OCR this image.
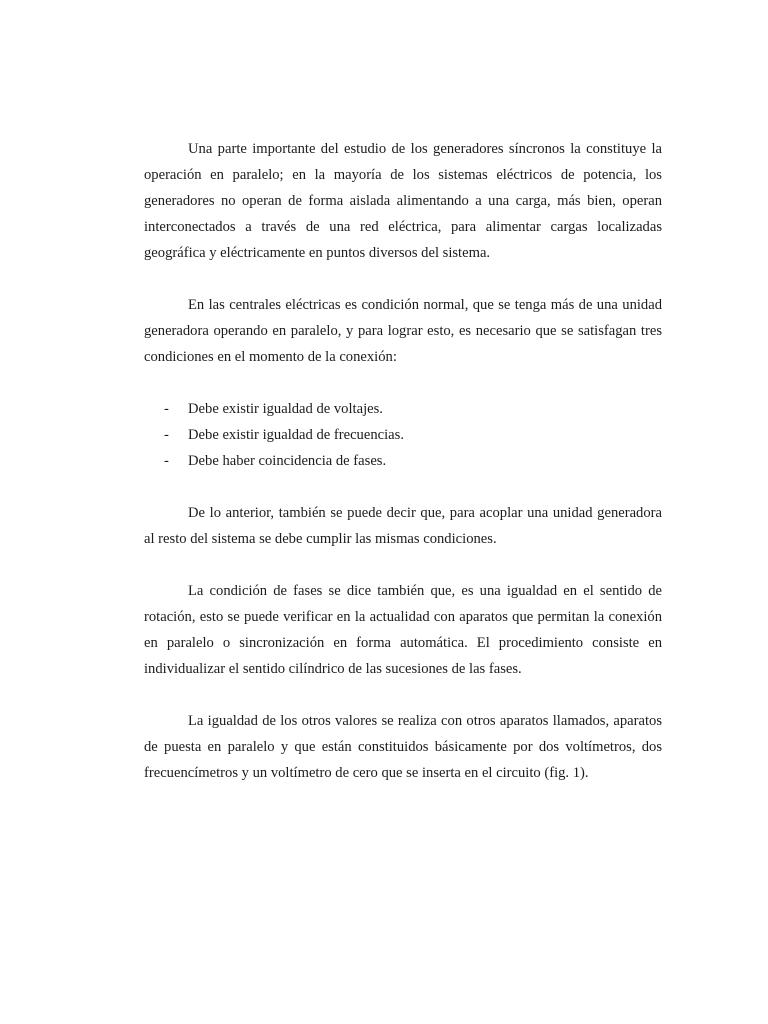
Una parte importante del estudio de los generadores síncronos la constituye la operación en paralelo; en la mayoría de los sistemas eléctricos de potencia, los generadores no operan de forma aislada alimentando a una carga, más bien, operan interconectados a través de una red eléctrica, para alimentar cargas localizadas geográfica y eléctricamente en puntos diversos del sistema.

En las centrales eléctricas es condición normal, que se tenga más de una unidad generadora operando en paralelo, y para lograr esto, es necesario que se satisfagan tres condiciones en el momento de la conexión:

- Debe existir igualdad de voltajes.
- Debe existir igualdad de frecuencias.
- Debe haber coincidencia de fases.

De lo anterior, también se puede decir que, para acoplar una unidad generadora al resto del sistema se debe cumplir las mismas condiciones.

La condición de fases se dice también que, es una igualdad en el sentido de rotación, esto se puede verificar en la actualidad con aparatos que permitan la conexión en paralelo o sincronización en forma automática. El procedimiento consiste en individualizar el sentido cilíndrico de las sucesiones de las fases.

La igualdad de los otros valores se realiza con otros aparatos llamados, aparatos de puesta en paralelo y que están constituidos básicamente por dos voltímetros, dos frecuencímetros y un voltímetro de cero que se inserta en el circuito (fig. 1).
